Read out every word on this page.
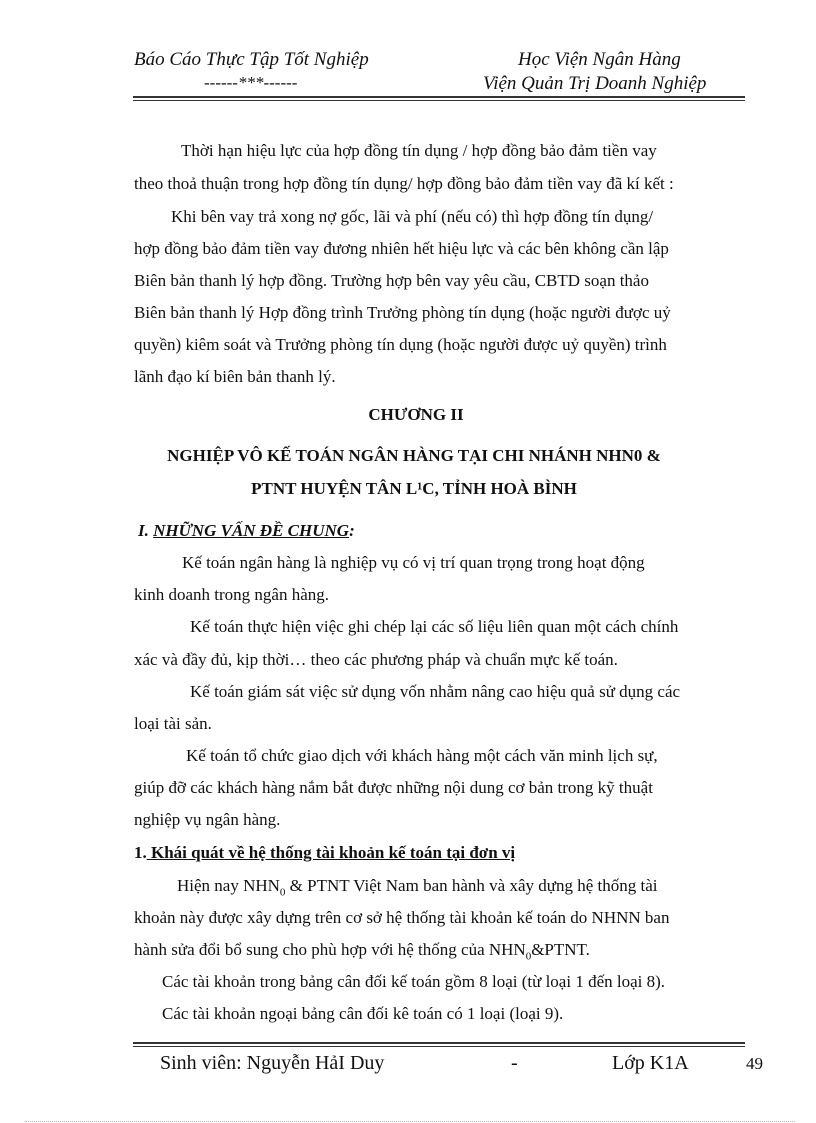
Báo Cáo Thực Tập Tốt Nghiệp
------***------
Học Viện Ngân Hàng
Viện Quản Trị Doanh Nghiệp
Thời hạn hiệu lực của hợp đồng tín dụng / hợp đồng bảo đảm tiền vay
theo thoả thuận trong hợp đồng tín dụng/ hợp đồng bảo đảm tiền vay đã kí kết :
Khi bên vay trả xong nợ gốc, lãi và phí (nếu có) thì hợp đồng tín dụng/
hợp đồng bảo đảm tiền vay đương nhiên hết hiệu lực và các bên không cần lập
Biên bản thanh lý hợp đồng. Trường hợp bên vay yêu cầu, CBTD soạn thảo
Biên bản thanh lý Hợp đồng trình Trưởng phòng tín dụng (hoặc người được uỷ
quyền) kiêm soát và Trưởng phòng tín dụng (hoặc người được uỷ quyền) trình
lãnh đạo kí biên bản thanh lý.
CHƯƠNG II
NGHIỆP VÔ KẾ TOÁN NGÂN HÀNG TẠI CHI NHÁNH NHN0 &
PTNT HUYỆN TÂN L¹C, TỈNH HOÀ BÌNH
I. NHỮNG VẤN ĐỀ CHUNG:
Kế toán ngân hàng là nghiệp vụ có vị trí quan trọng trong hoạt động
kinh doanh trong ngân hàng.
Kế toán thực hiện việc ghi chép lại các số liệu liên quan một cách chính
xác và đầy đủ, kịp thời… theo các phương pháp và chuẩn mực kế toán.
Kế toán giám sát việc sử dụng vốn nhằm nâng cao hiệu quả sử dụng các
loại tài sản.
Kế toán tổ chức giao dịch với khách hàng một cách văn minh lịch sự,
giúp đỡ các khách hàng nắm bắt được những nội dung cơ bản trong kỹ thuật
nghiệp vụ ngân hàng.
1. Khái quát về hệ thống tài khoản kế toán tại đơn vị
Hiện nay $NHN_0$ & PTNT Việt Nam ban hành và xây dựng hệ thống tài
khoản này được xây dựng trên cơ sở hệ thống tài khoản kế toán do NHNN ban
hành sửa đổi bổ sung cho phù hợp với hệ thống của $NHN_0\&PTNT$.
Các tài khoản trong bảng cân đối kế toán gồm 8 loại (từ loại 1 đến loại 8).
Các tài khoản ngoại bảng cân đối kê toán có 1 loại (loại 9).
Sinh viên: Nguyễn HảI Duy	-	Lớp K1A	49
